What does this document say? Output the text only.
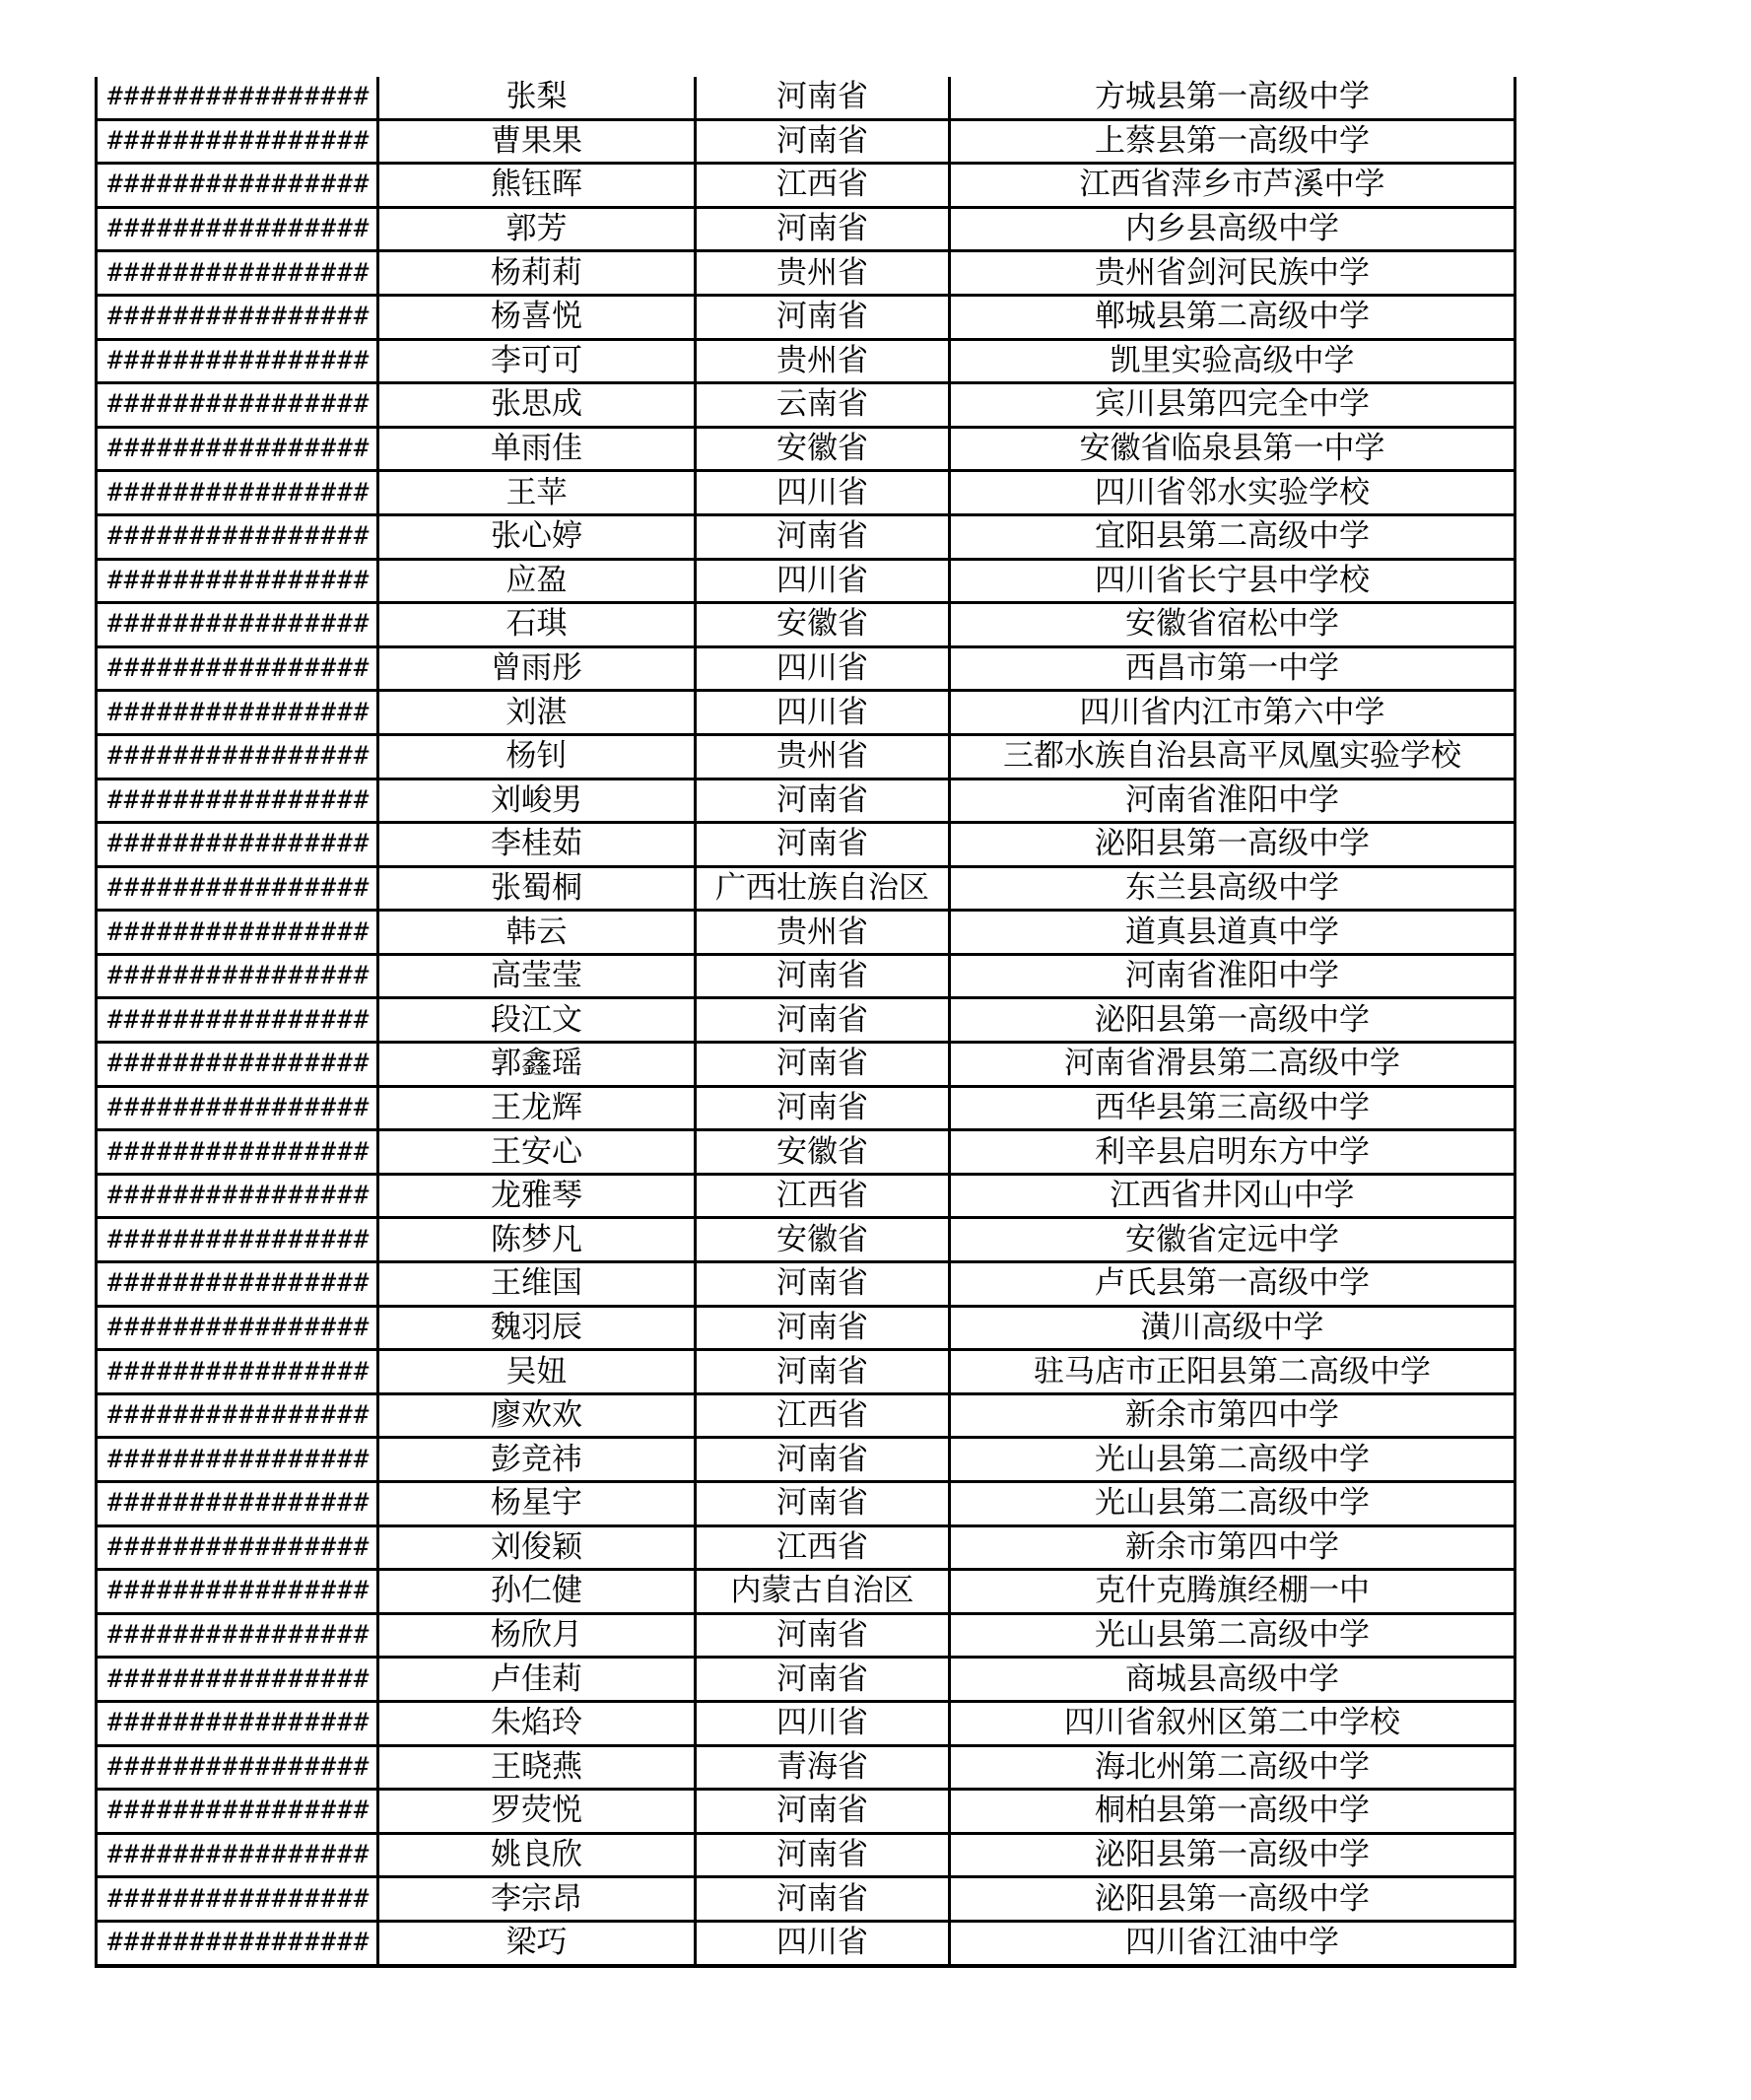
################	张梨	河南省	方城县第一高级中学
################	曹果果	河南省	上蔡县第一高级中学
################	熊钰晖	江西省	江西省萍乡市芦溪中学
################	郭芳	河南省	内乡县高级中学
################	杨莉莉	贵州省	贵州省剑河民族中学
################	杨喜悦	河南省	郸城县第二高级中学
################	李可可	贵州省	凯里实验高级中学
################	张思成	云南省	宾川县第四完全中学
################	单雨佳	安徽省	安徽省临泉县第一中学
################	王苹	四川省	四川省邻水实验学校
################	张心婷	河南省	宜阳县第二高级中学
################	应盈	四川省	四川省长宁县中学校
################	石琪	安徽省	安徽省宿松中学
################	曾雨彤	四川省	西昌市第一中学
################	刘湛	四川省	四川省内江市第六中学
################	杨钊	贵州省	三都水族自治县高平凤凰实验学校
################	刘峻男	河南省	河南省淮阳中学
################	李桂茹	河南省	泌阳县第一高级中学
################	张蜀桐	广西壮族自治区	东兰县高级中学
################	韩云	贵州省	道真县道真中学
################	高莹莹	河南省	河南省淮阳中学
################	段江文	河南省	泌阳县第一高级中学
################	郭鑫瑶	河南省	河南省滑县第二高级中学
################	王龙辉	河南省	西华县第三高级中学
################	王安心	安徽省	利辛县启明东方中学
################	龙雅琴	江西省	江西省井冈山中学
################	陈梦凡	安徽省	安徽省定远中学
################	王维国	河南省	卢氏县第一高级中学
################	魏羽辰	河南省	潢川高级中学
################	吴妞	河南省	驻马店市正阳县第二高级中学
################	廖欢欢	江西省	新余市第四中学
################	彭竞祎	河南省	光山县第二高级中学
################	杨星宇	河南省	光山县第二高级中学
################	刘俊颖	江西省	新余市第四中学
################	孙仁健	内蒙古自治区	克什克腾旗经棚一中
################	杨欣月	河南省	光山县第二高级中学
################	卢佳莉	河南省	商城县高级中学
################	朱焰玲	四川省	四川省叙州区第二中学校
################	王晓燕	青海省	海北州第二高级中学
################	罗荧悦	河南省	桐柏县第一高级中学
################	姚良欣	河南省	泌阳县第一高级中学
################	李宗昂	河南省	泌阳县第一高级中学
################	梁巧	四川省	四川省江油中学
